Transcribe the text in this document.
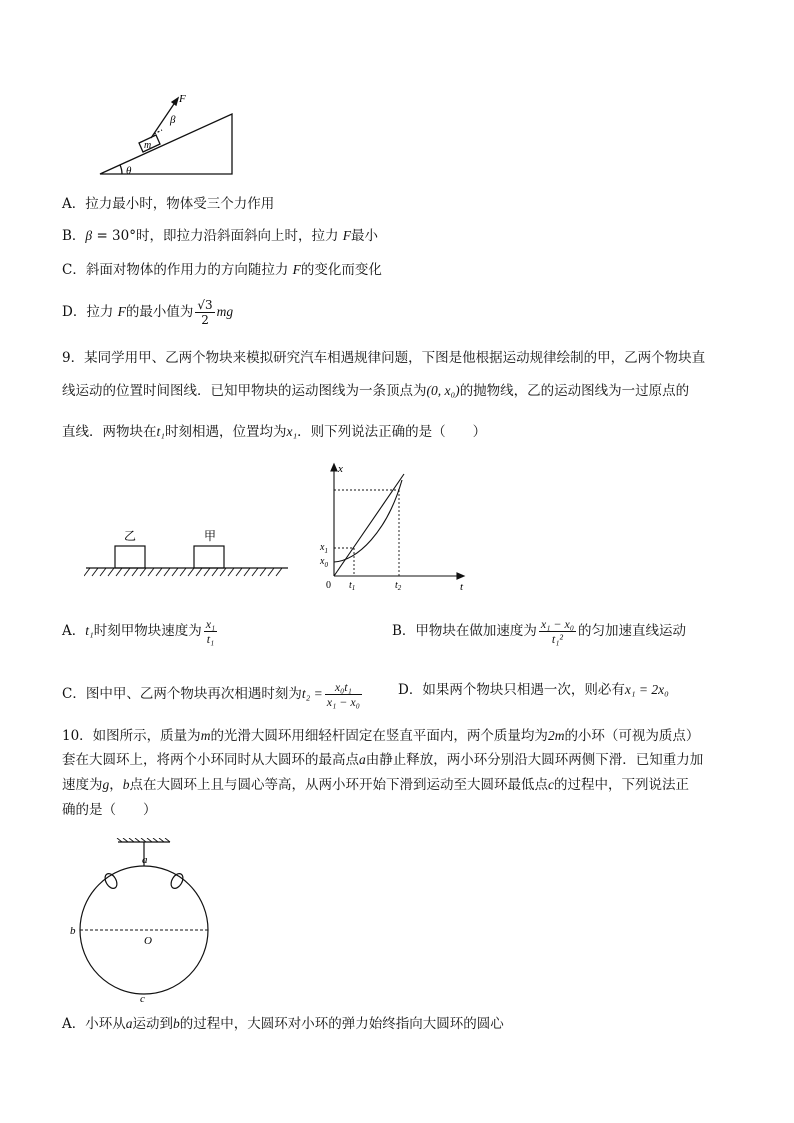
F
β
m
θ
A．拉力最小时，物体受三个力作用
B．β = 30°时，即拉力沿斜面斜向上时，拉力 F最小
C．斜面对物体的作用力的方向随拉力 F的变化而变化
D．拉力 F的最小值为 $\frac{√3}{2}$ mg
9．某同学用甲、乙两个物块来模拟研究汽车相遇规律问题，下图是他根据运动规律绘制的甲，乙两个物块直
线运动的位置时间图线．已知甲物块的运动图线为一条顶点为(0, x₀)的抛物线，乙的运动图线为一过原点的
直线．两物块在t₁时刻相遇，位置均为x₁．则下列说法正确的是（　　）
乙	甲
x
t
0
$x_1$
$x_0$
$t_1$	$t_2$
A．t₁时刻甲物块速度为 $\frac{\text{x₁}}{\text{t₁}}$	B．甲物块在做加速度为 $\frac{\text{x₁ − x₀}}{\text{t₁²}}$ 的匀加速直线运动
C．图中甲、乙两个物块再次相遇时刻为$t_2 = \frac{\text{x₀t₁}}{\text{x₁ − x₀}}$	D．如果两个物块只相遇一次，则必有x₁ = 2x₀
10．如图所示，质量为m的光滑大圆环用细轻杆固定在竖直平面内，两个质量均为2m的小环（可视为质点）
套在大圆环上，将两个小环同时从大圆环的最高点a由静止释放，两小环分别沿大圆环两侧下滑．已知重力加
速度为g，b点在大圆环上且与圆心等高，从两小环开始下滑到运动至大圆环最低点c的过程中，下列说法正
确的是（　　）
a
b
O
c
A．小环从a运动到b的过程中，大圆环对小环的弹力始终指向大圆环的圆心
